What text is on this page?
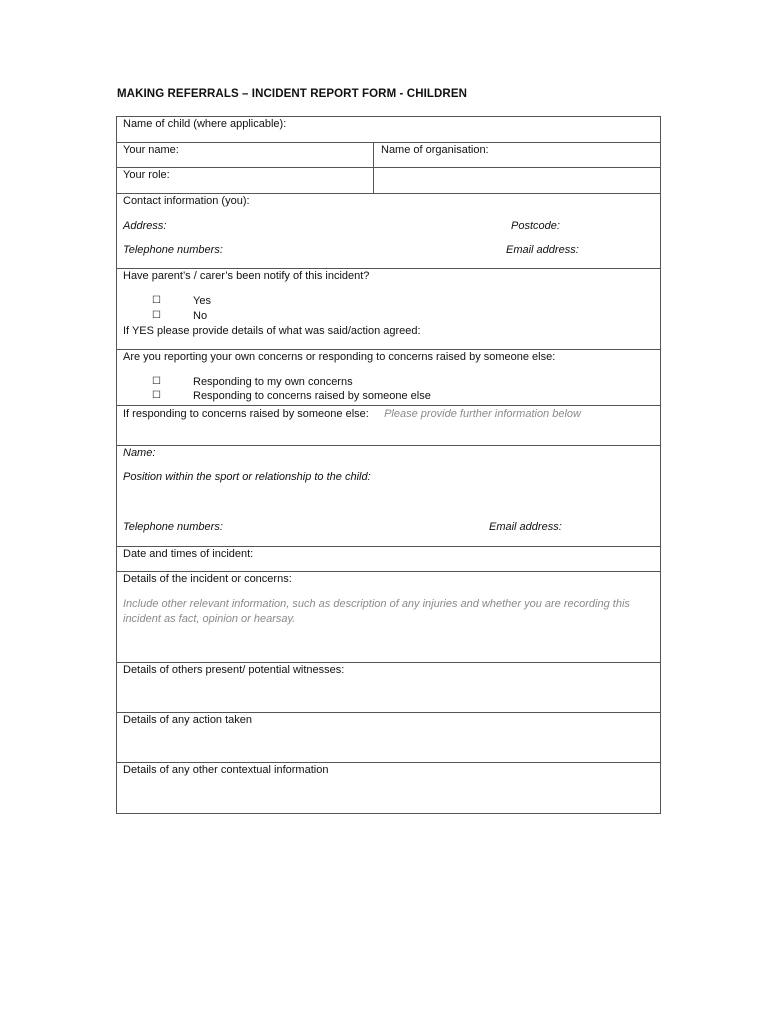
MAKING REFERRALS – INCIDENT REPORT FORM - CHILDREN
Name of child (where applicable):
Your name:	Name of organisation:
Your role:
Contact information (you):
Address:	Postcode:
Telephone numbers:	Email address:
Have parent’s / carer’s been notify of this incident?
☐	Yes
☐	No
If YES please provide details of what was said/action agreed:
Are you reporting your own concerns or responding to concerns raised by someone else:
☐	Responding to my own concerns
☐	Responding to concerns raised by someone else
If responding to concerns raised by someone else: Please provide further information below
Name:
Position within the sport or relationship to the child:
Telephone numbers:	Email address:
Date and times of incident:
Details of the incident or concerns:
Include other relevant information, such as description of any injuries and whether you are recording this incident as fact, opinion or hearsay.
Details of others present/ potential witnesses:
Details of any action taken
Details of any other contextual information
